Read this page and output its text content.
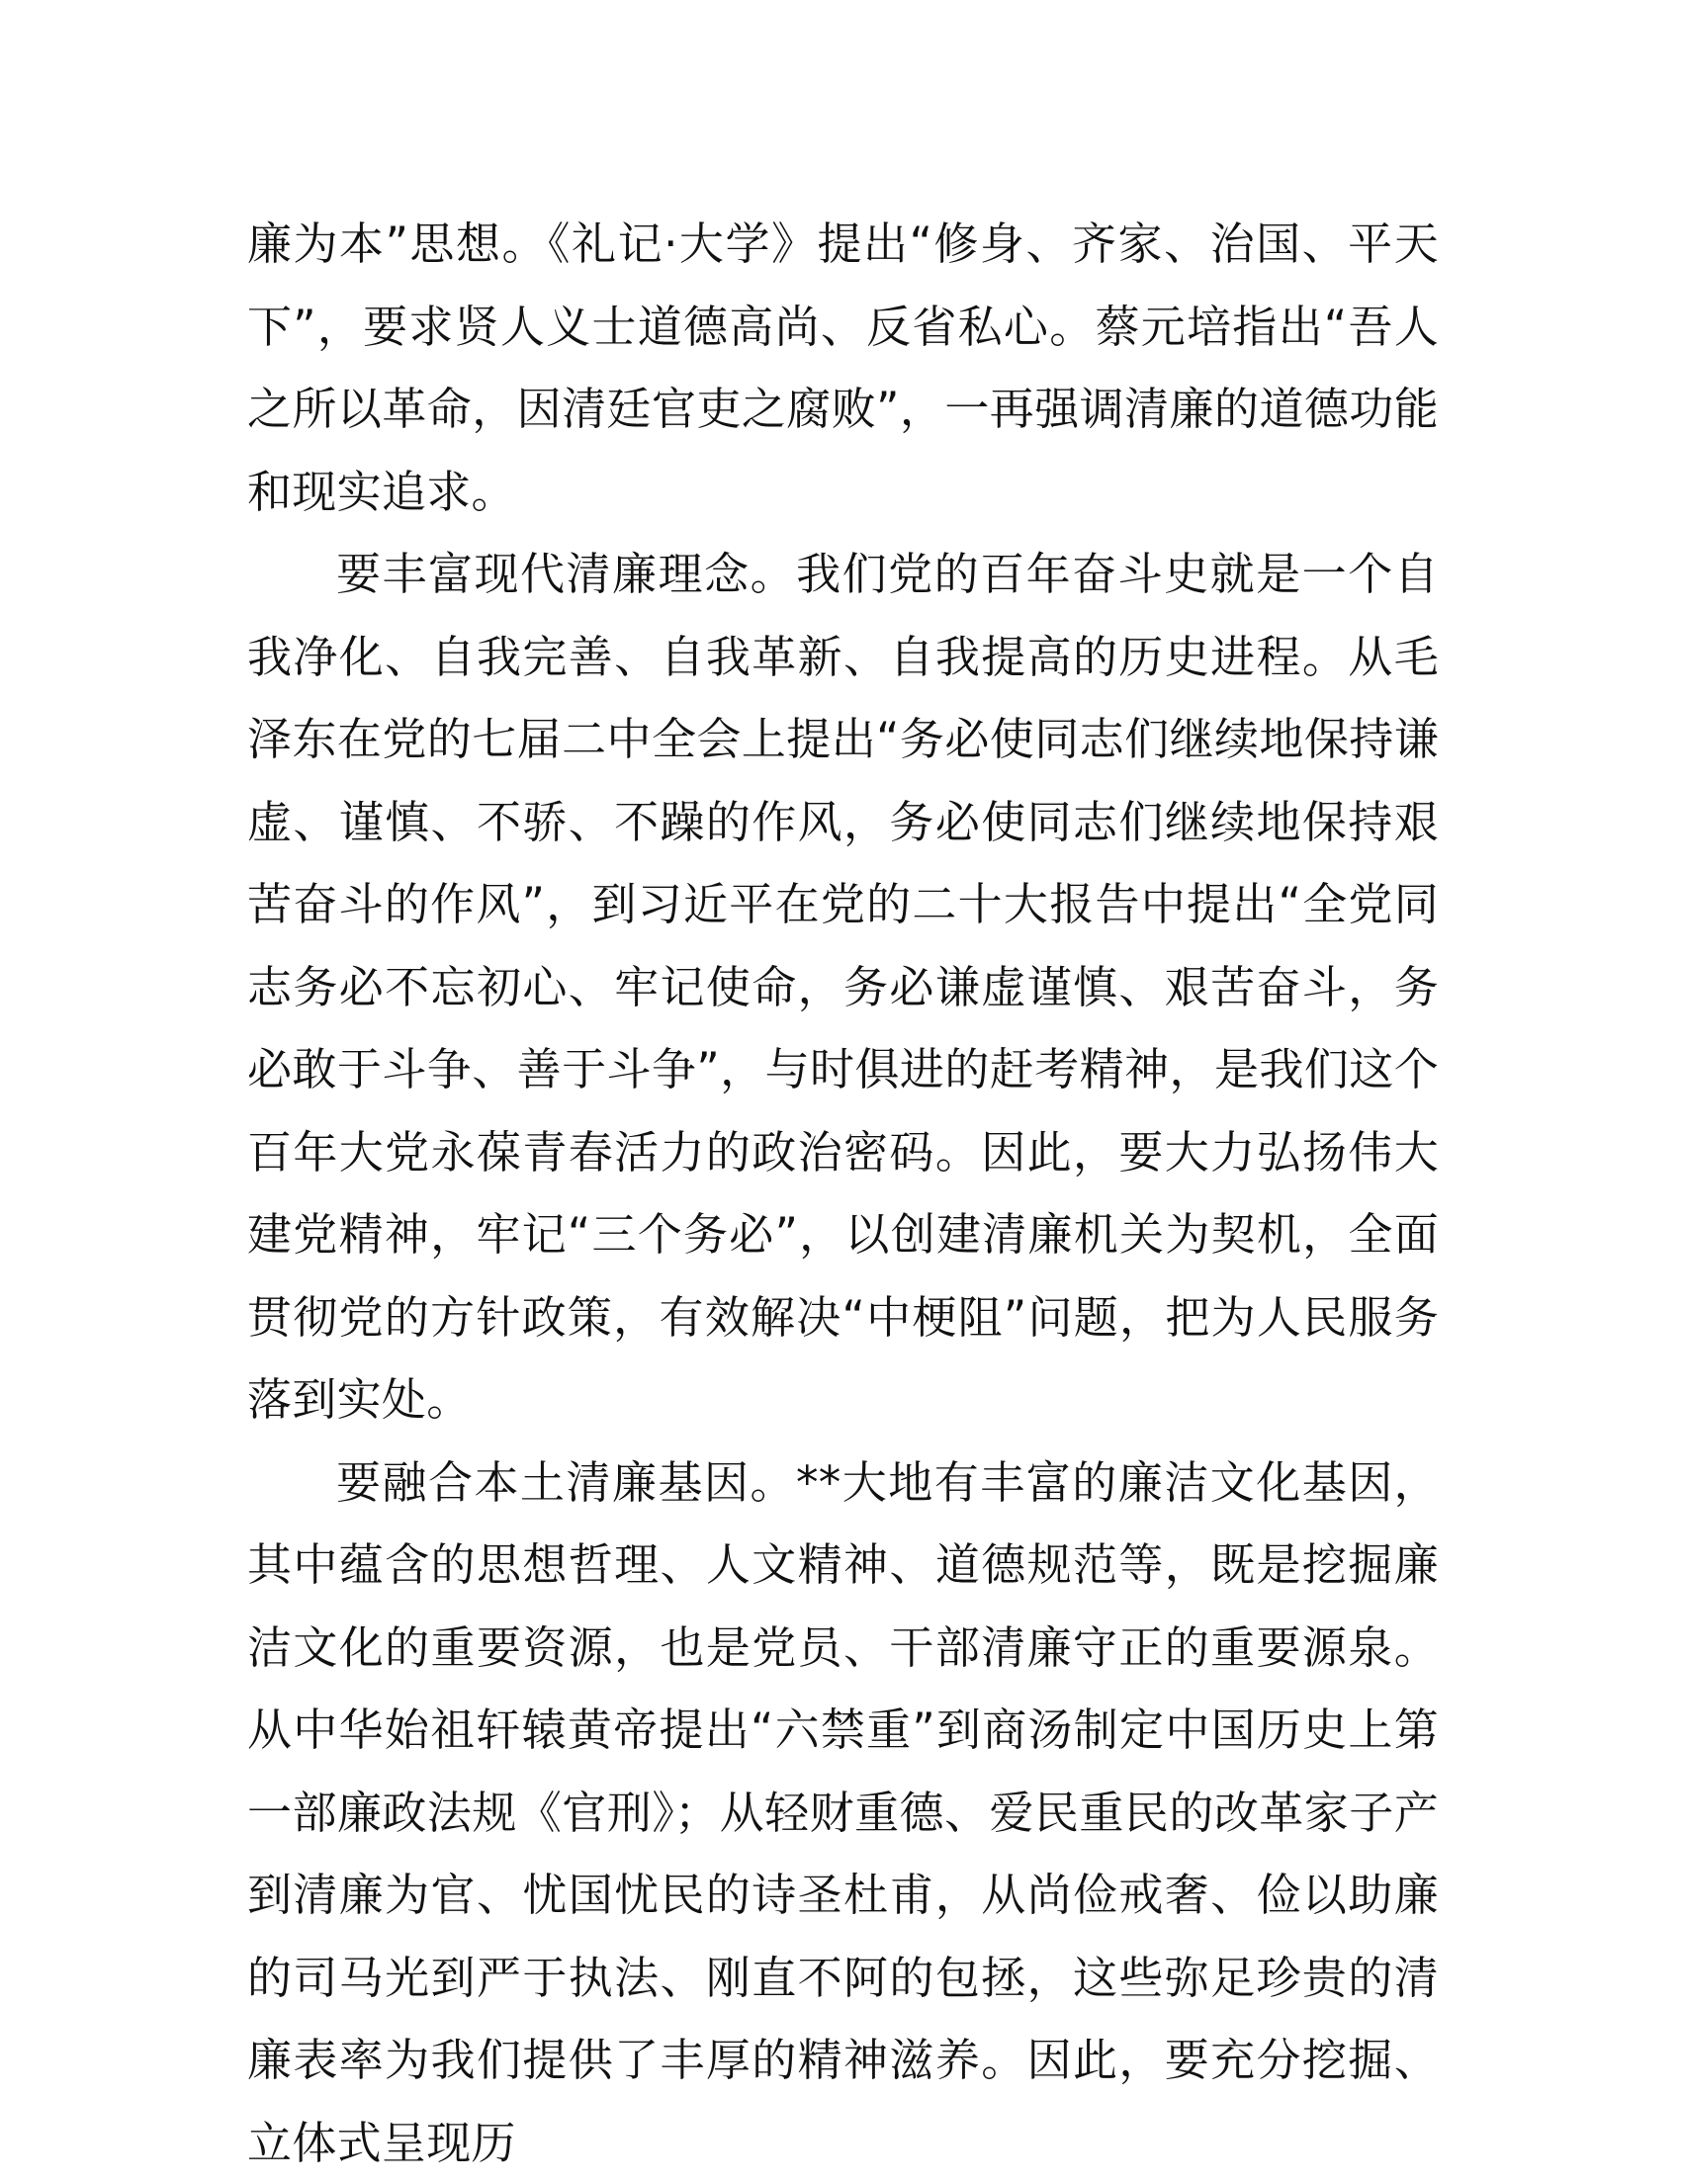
廉为本”思想。《礼记·大学》提出“修身、齐家、治国、平天下”，要求贤人义士道德高尚、反省私心。蔡元培指出“吾人之所以革命，因清廷官吏之腐败”，一再强调清廉的道德功能和现实追求。

要丰富现代清廉理念。我们党的百年奋斗史就是一个自我净化、自我完善、自我革新、自我提高的历史进程。从毛泽东在党的七届二中全会上提出“务必使同志们继续地保持谦虚、谨慎、不骄、不躁的作风，务必使同志们继续地保持艰苦奋斗的作风”，到习近平在党的二十大报告中提出“全党同志务必不忘初心、牢记使命，务必谦虚谨慎、艰苦奋斗，务必敢于斗争、善于斗争”，与时俱进的赶考精神，是我们这个百年大党永葆青春活力的政治密码。因此，要大力弘扬伟大建党精神，牢记“三个务必”，以创建清廉机关为契机，全面贯彻党的方针政策，有效解决“中梗阻”问题，把为人民服务落到实处。

要融合本土清廉基因。**大地有丰富的廉洁文化基因，其中蕴含的思想哲理、人文精神、道德规范等，既是挖掘廉洁文化的重要资源，也是党员、干部清廉守正的重要源泉。从中华始祖轩辕黄帝提出“六禁重”到商汤制定中国历史上第一部廉政法规《官刑》；从轻财重德、爱民重民的改革家子产到清廉为官、忧国忧民的诗圣杜甫，从尚俭戒奢、俭以助廉的司马光到严于执法、刚直不阿的包拯，这些弥足珍贵的清廉表率为我们提供了丰厚的精神滋养。因此，要充分挖掘、立体式呈现历
